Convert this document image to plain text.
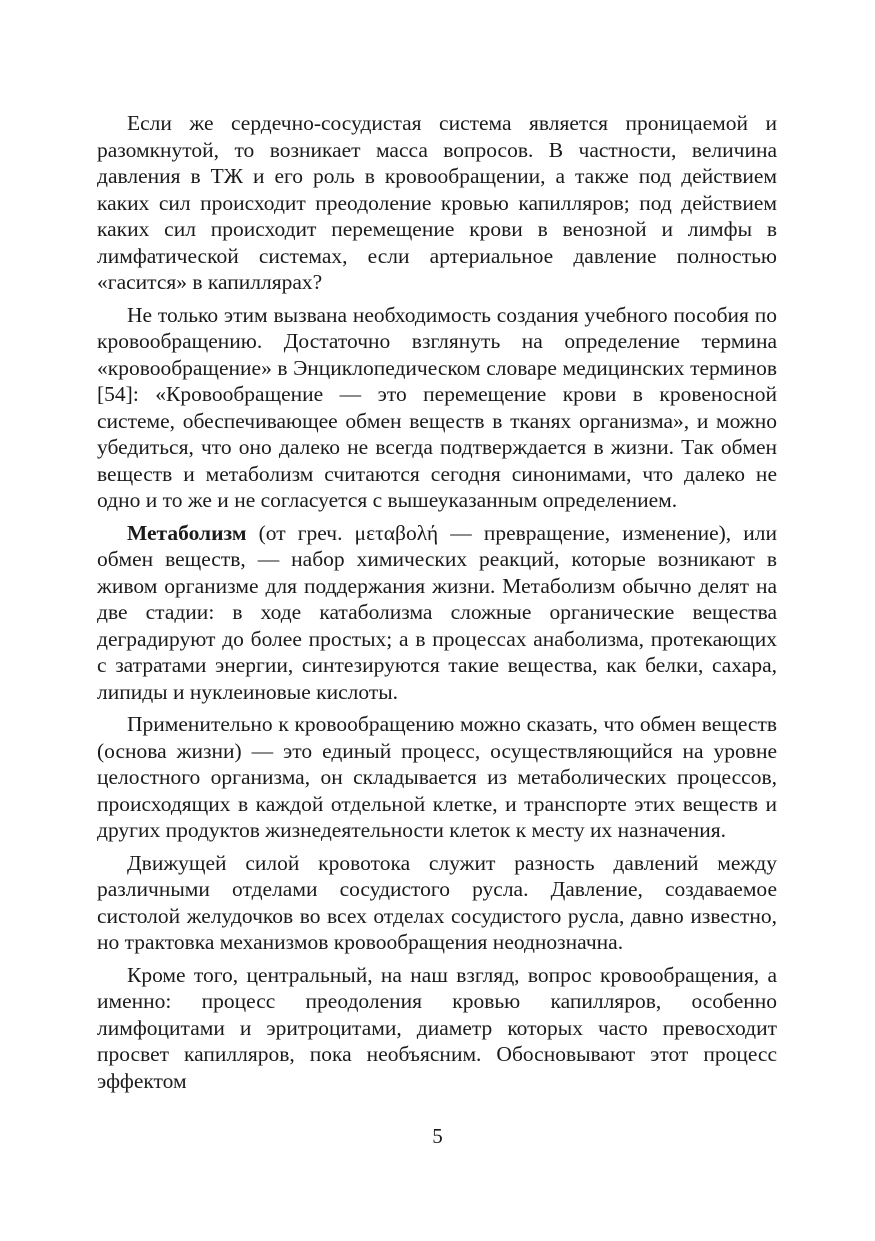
Если же сердечно-сосудистая система является проницаемой и разомкнутой, то возникает масса вопросов. В частности, величина давления в ТЖ и его роль в кровообращении, а также под действием каких сил происходит преодоление кровью капилляров; под действием каких сил происходит перемещение крови в венозной и лимфы в лимфатической системах, если артериальное давление полностью «гасится» в капиллярах?

Не только этим вызвана необходимость создания учебного пособия по кровообращению. Достаточно взглянуть на определение термина «кровообращение» в Энциклопедическом словаре медицинских терминов [54]: «Кровообращение — это перемещение крови в кровеносной системе, обеспечивающее обмен веществ в тканях организма», и можно убедиться, что оно далеко не всегда подтверждается в жизни. Так обмен веществ и метаболизм считаются сегодня синонимами, что далеко не одно и то же и не согласуется с вышеуказанным определением.

Метаболизм (от греч. μεταβολή — превращение, изменение), или обмен веществ, — набор химических реакций, которые возникают в живом организме для поддержания жизни. Метаболизм обычно делят на две стадии: в ходе катаболизма сложные органические вещества деградируют до более простых; а в процессах анаболизма, протекающих с затратами энергии, синтезируются такие вещества, как белки, сахара, липиды и нуклеиновые кислоты.

Применительно к кровообращению можно сказать, что обмен веществ (основа жизни) — это единый процесс, осуществляющийся на уровне целостного организма, он складывается из метаболических процессов, происходящих в каждой отдельной клетке, и транспорте этих веществ и других продуктов жизнедеятельности клеток к месту их назначения.

Движущей силой кровотока служит разность давлений между различными отделами сосудистого русла. Давление, создаваемое систолой желудочков во всех отделах сосудистого русла, давно известно, но трактовка механизмов кровообращения неоднозначна.

Кроме того, центральный, на наш взгляд, вопрос кровообращения, а именно: процесс преодоления кровью капилляров, особенно лимфоцитами и эритроцитами, диаметр которых часто превосходит просвет капилляров, пока необъясним. Обосновывают этот процесс эффектом

5
